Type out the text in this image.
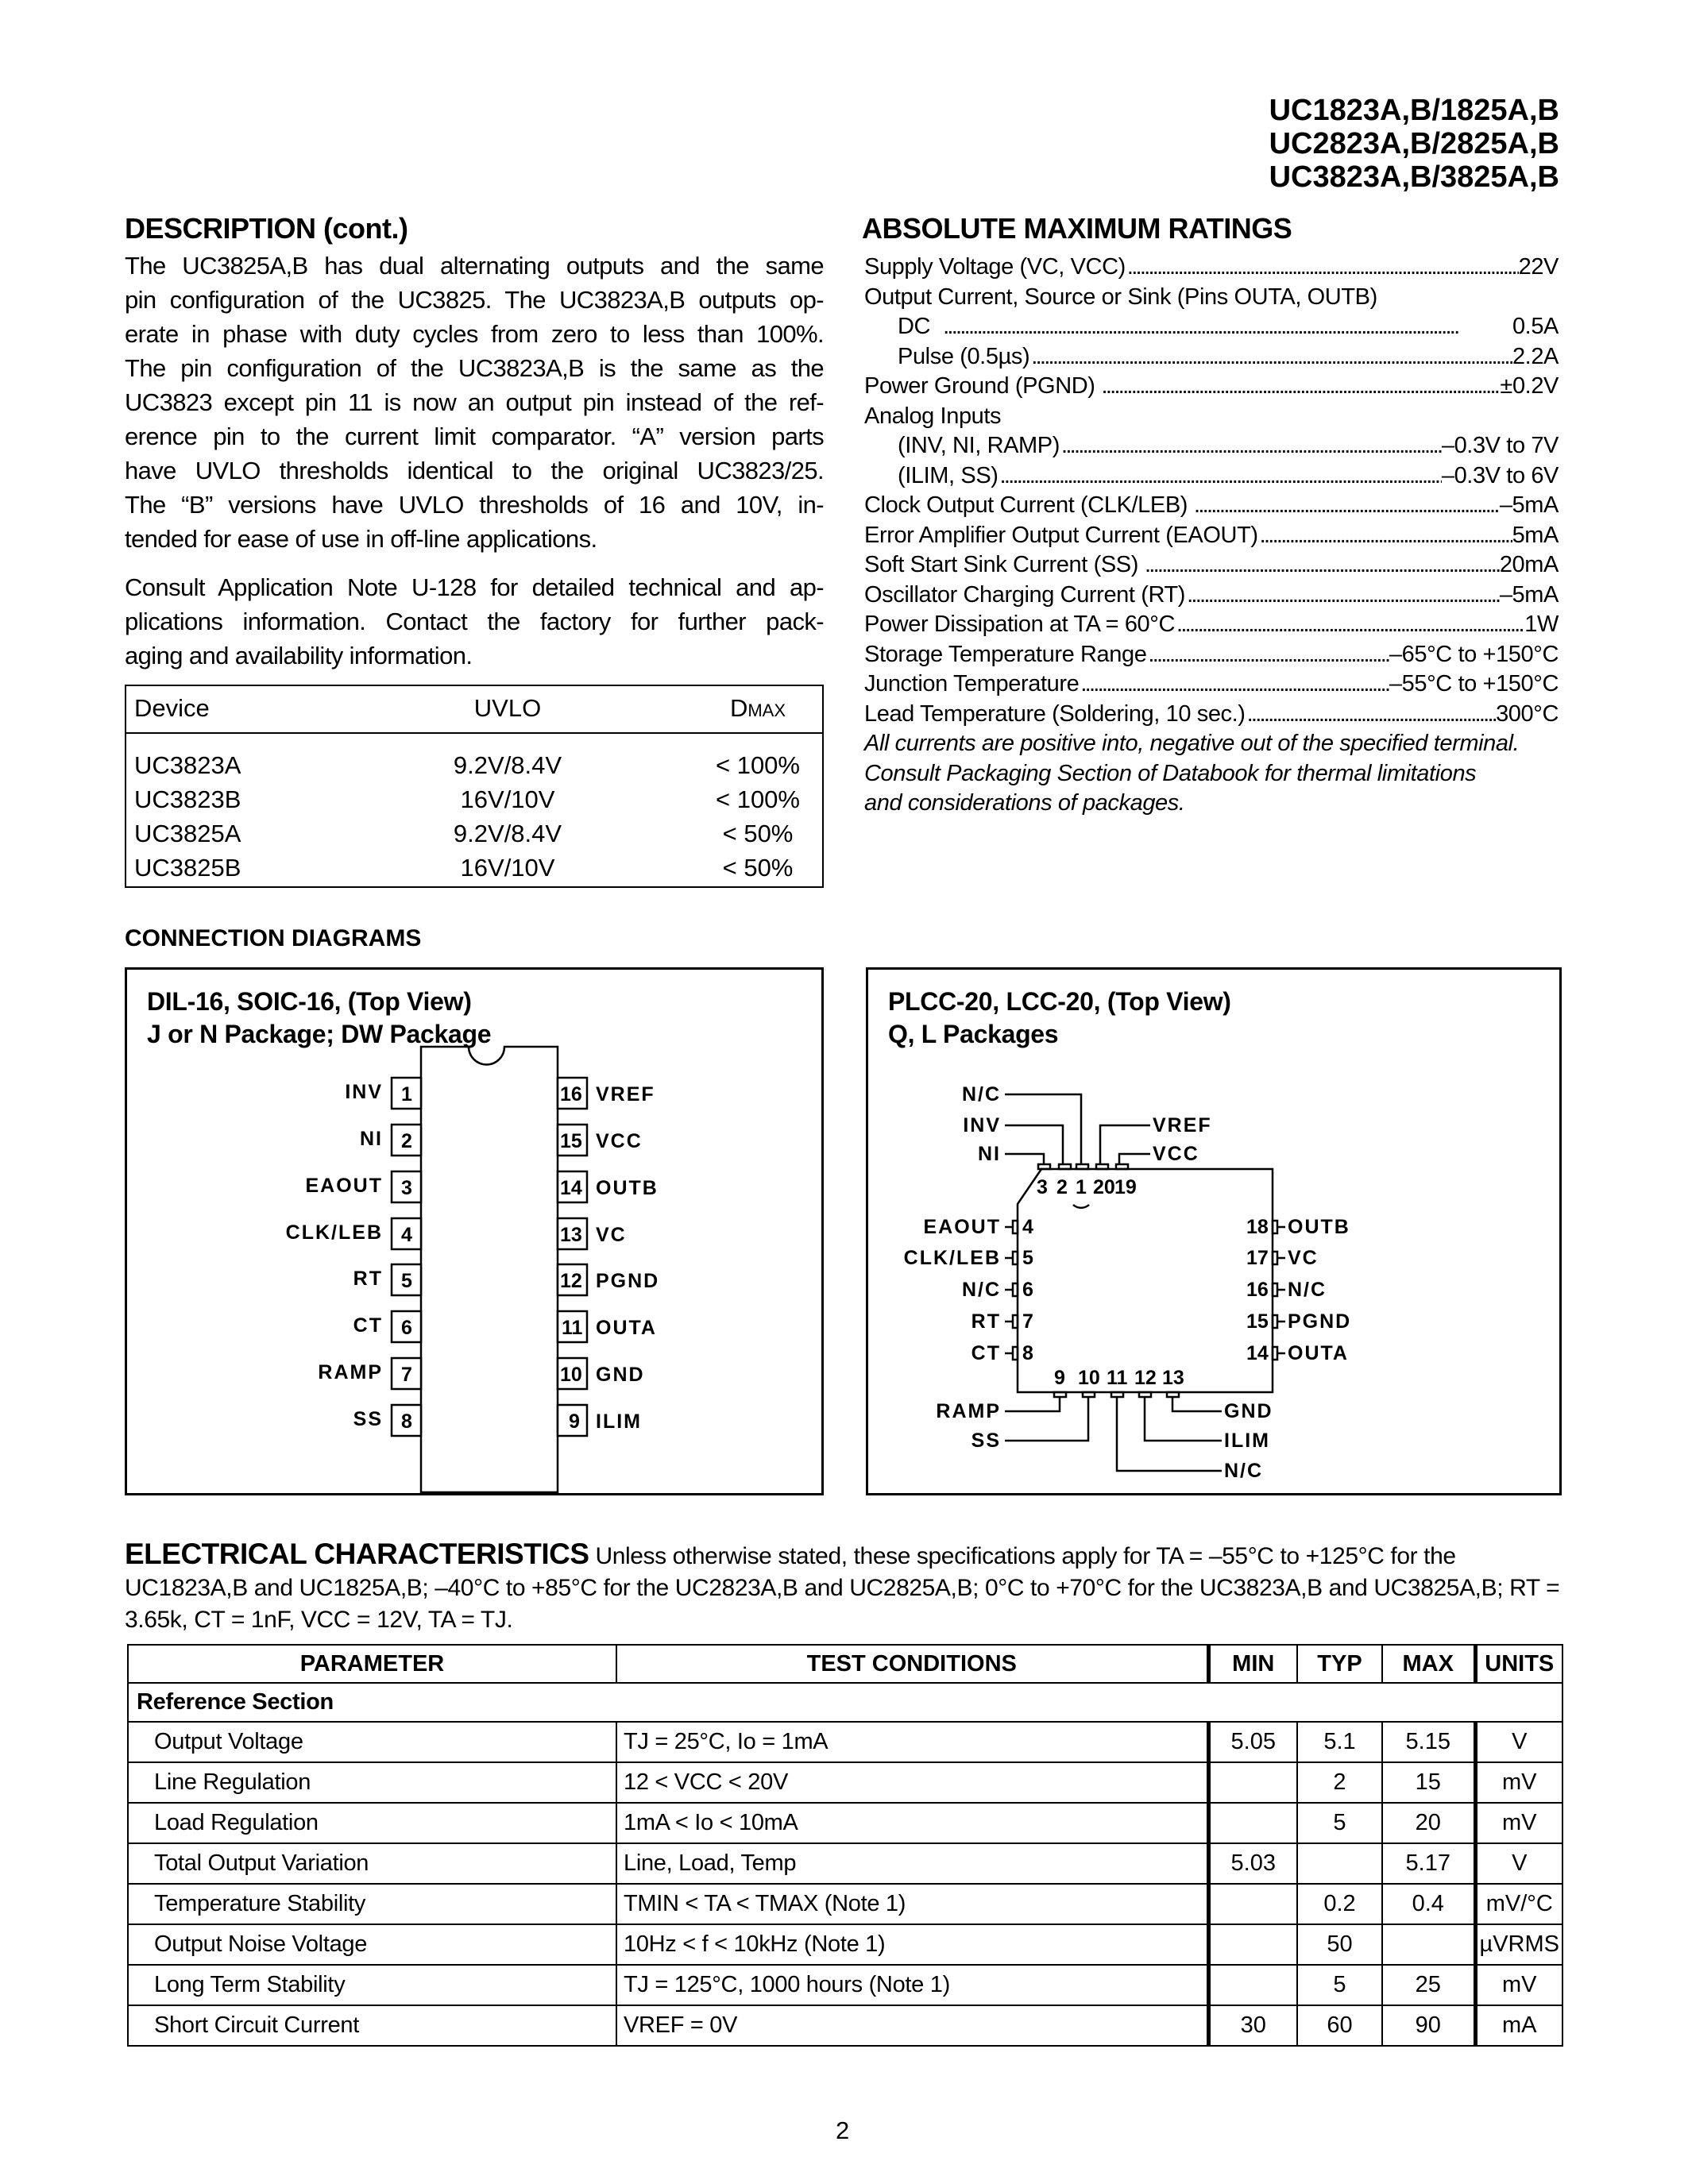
UC1823A,B/1825A,B
UC2823A,B/2825A,B
UC3823A,B/3825A,B
DESCRIPTION (cont.)
The UC3825A,B has dual alternating outputs and the same
pin configuration of the UC3825. The UC3823A,B outputs op-
erate in phase with duty cycles from zero to less than 100%.
The pin configuration of the UC3823A,B is the same as the
UC3823 except pin 11 is now an output pin instead of the ref-
erence pin to the current limit comparator. “A” version parts
have UVLO thresholds identical to the original UC3823/25.
The “B” versions have UVLO thresholds of 16 and 10V, in-
tended for ease of use in off-line applications.
Consult Application Note U-128 for detailed technical and ap-
plications information. Contact the factory for further pack-
aging and availability information.
Device	UVLO	DMAX
UC3823A	9.2V/8.4V	< 100%
UC3823B	16V/10V	< 100%
UC3825A	9.2V/8.4V	< 50%
UC3825B	16V/10V	< 50%
ABSOLUTE MAXIMUM RATINGS
Supply Voltage (VC, VCC) . . .	22V
Output Current, Source or Sink (Pins OUTA, OUTB)
DC . . .	0.5A
Pulse (0.5µs) . . .	2.2A
Power Ground (PGND) . . .	±0.2V
Analog Inputs
(INV, NI, RAMP) . . .	–0.3V to 7V
(ILIM, SS) . . .	–0.3V to 6V
Clock Output Current (CLK/LEB) . . .	–5mA
Error Amplifier Output Current (EAOUT) . . .	5mA
Soft Start Sink Current (SS) . . .	20mA
Oscillator Charging Current (RT) . . .	–5mA
Power Dissipation at TA = 60°C . . .	1W
Storage Temperature Range . . .	–65°C to +150°C
Junction Temperature . . .	–55°C to +150°C
Lead Temperature (Soldering, 10 sec.) . . .	300°C
All currents are positive into, negative out of the specified terminal.
Consult Packaging Section of Databook for thermal limitations
and considerations of packages.
CONNECTION DIAGRAMS
DIL-16, SOIC-16, (Top View)
J or N Package; DW Package
1
INV
2
NI
3
EAOUT
4
CLK/LEB
5
RT
6
CT
7
RAMP
8
SS
16 VREF
15 VCC
14 OUTB
13 VC
12 PGND
11 OUTA
10 GND
9 ILIM
PLCC-20, LCC-20, (Top View)
Q, L Packages
3 2 1 20 19
N/C
INV
NI
VREF
VCC
4
EAOUT
5
CLK/LEB
6
N/C
7
RT
8
CT
18 OUTB
17 VC
16 N/C
15 PGND
14 OUTA
9 10 11 12 13
RAMP
SS
GND
ILIM
N/C
ELECTRICAL CHARACTERISTICS Unless otherwise stated, these specifications apply for TA = –55°C to +125°C for the UC1823A,B and UC1825A,B; –40°C to +85°C for the UC2823A,B and UC2825A,B; 0°C to +70°C for the UC3823A,B and UC3825A,B; RT = 3.65k, CT = 1nF, VCC = 12V, TA = TJ.
PARAMETER	TEST CONDITIONS	MIN	TYP	MAX	UNITS
Reference Section					
Output Voltage	TJ = 25°C, Io = 1mA	5.05	5.1	5.15	V
Line Regulation	12 < VCC < 20V		2	15	mV
Load Regulation	1mA < Io < 10mA		5	20	mV
Total Output Variation	Line, Load, Temp	5.03		5.17	V
Temperature Stability	TMIN < TA < TMAX (Note 1)		0.2	0.4	mV/°C
Output Noise Voltage	10Hz < f < 10kHz (Note 1)		50		µVRMS
Long Term Stability	TJ = 125°C, 1000 hours (Note 1)		5	25	mV
Short Circuit Current	VREF = 0V	30	60	90	mA
2
